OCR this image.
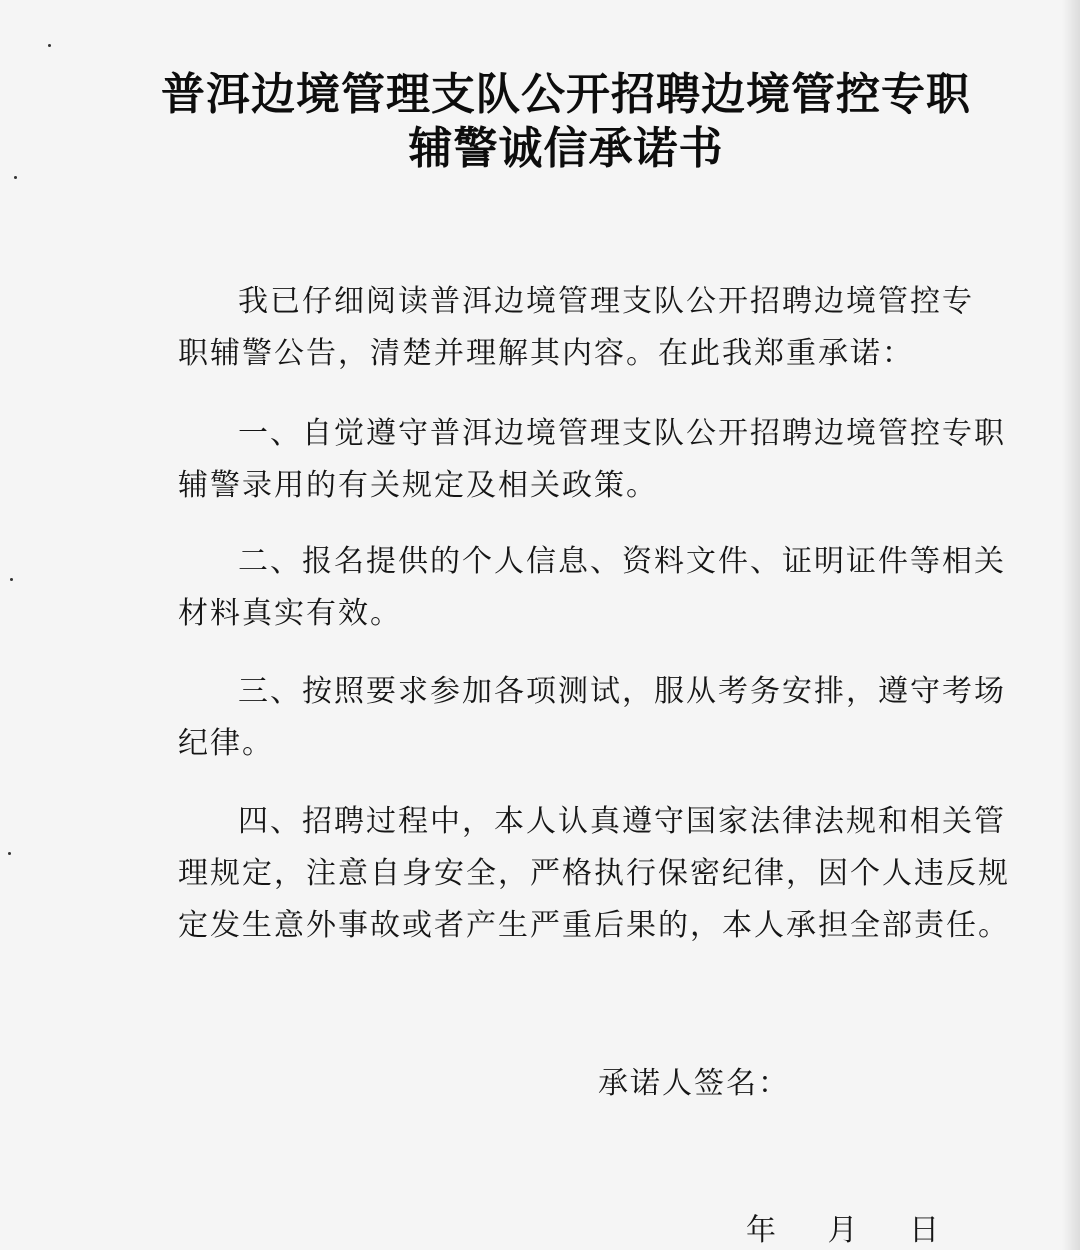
普洱边境管理支队公开招聘边境管控专职
辅警诚信承诺书
我已仔细阅读普洱边境管理支队公开招聘边境管控专
职辅警公告，清楚并理解其内容。在此我郑重承诺：
一、自觉遵守普洱边境管理支队公开招聘边境管控专职
辅警录用的有关规定及相关政策。
二、报名提供的个人信息、资料文件、证明证件等相关
材料真实有效。
三、按照要求参加各项测试，服从考务安排，遵守考场
纪律。
四、招聘过程中，本人认真遵守国家法律法规和相关管
理规定，注意自身安全，严格执行保密纪律，因个人违反规
定发生意外事故或者产生严重后果的，本人承担全部责任。
承诺人签名：
年 月 日
